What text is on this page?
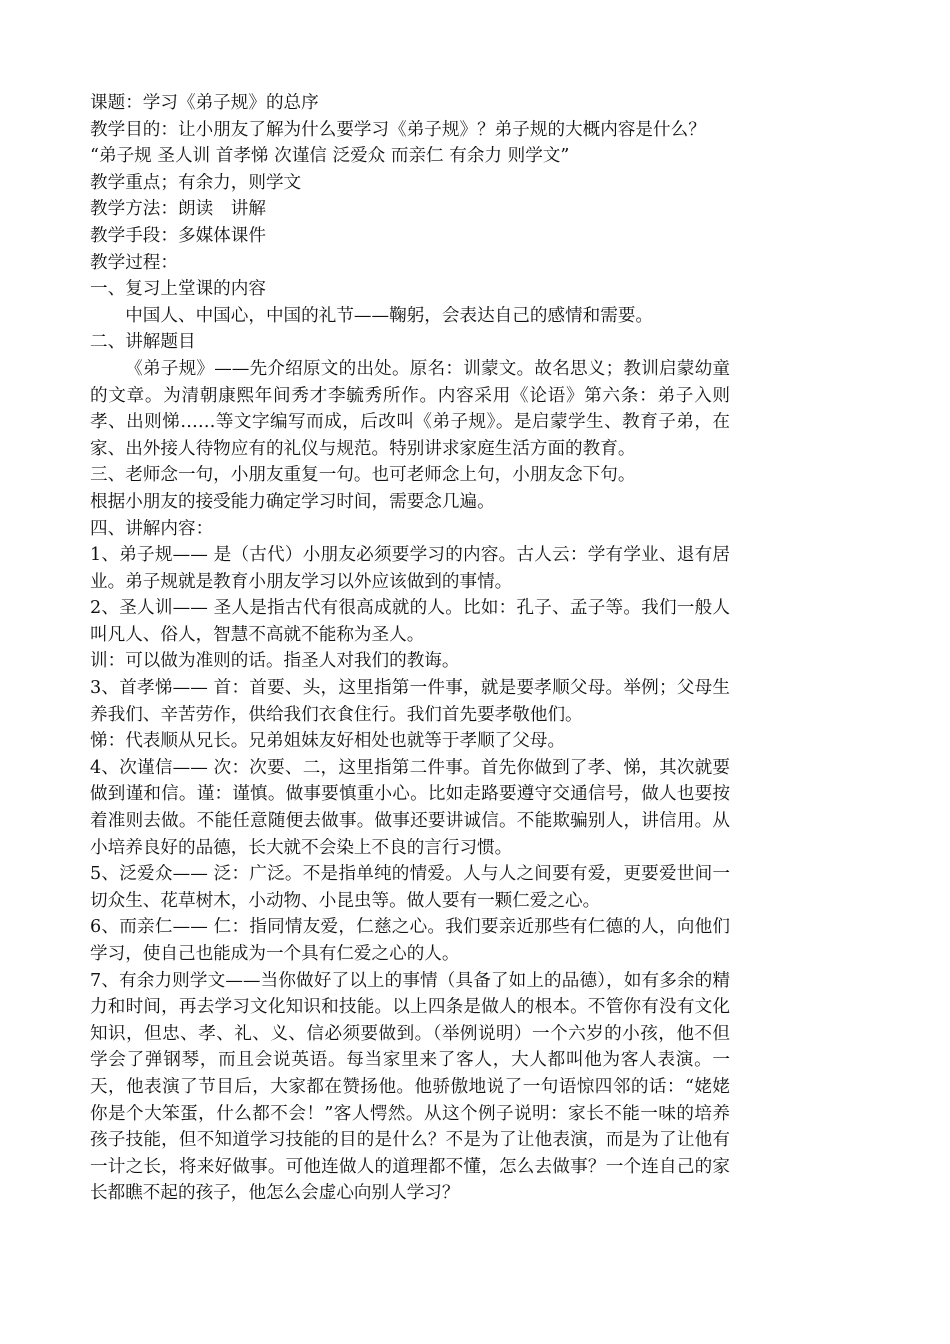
课题：学习《弟子规》的总序

教学目的：让小朋友了解为什么要学习《弟子规》？弟子规的大概内容是什么？

“弟子规 圣人训 首孝悌 次谨信 泛爱众 而亲仁 有余力 则学文”

教学重点；有余力，则学文

教学方法：朗读　讲解

教学手段：多媒体课件

教学过程：

一、复习上堂课的内容

中国人、中国心，中国的礼节——鞠躬，会表达自己的感情和需要。

二、讲解题目

《弟子规》——先介绍原文的出处。原名：训蒙文。故名思义；教训启蒙幼童的文章。为清朝康熙年间秀才李毓秀所作。内容采用《论语》第六条：弟子入则孝、出则悌……等文字编写而成，后改叫《弟子规》。是启蒙学生、教育子弟，在家、出外接人待物应有的礼仪与规范。特别讲求家庭生活方面的教育。

三、老师念一句，小朋友重复一句。也可老师念上句，小朋友念下句。

根据小朋友的接受能力确定学习时间，需要念几遍。

四、讲解内容：

1、弟子规—— 是（古代）小朋友必须要学习的内容。古人云：学有学业、退有居业。弟子规就是教育小朋友学习以外应该做到的事情。

2、圣人训—— 圣人是指古代有很高成就的人。比如：孔子、孟子等。我们一般人叫凡人、俗人，智慧不高就不能称为圣人。

训：可以做为准则的话。指圣人对我们的教诲。

3、首孝悌—— 首：首要、头，这里指第一件事，就是要孝顺父母。举例；父母生养我们、辛苦劳作，供给我们衣食住行。我们首先要孝敬他们。

悌：代表顺从兄长。兄弟姐妹友好相处也就等于孝顺了父母。

4、次谨信—— 次：次要、二，这里指第二件事。首先你做到了孝、悌，其次就要做到谨和信。谨：谨慎。做事要慎重小心。比如走路要遵守交通信号，做人也要按着准则去做。不能任意随便去做事。做事还要讲诚信。不能欺骗别人，讲信用。从小培养良好的品德，长大就不会染上不良的言行习惯。

5、泛爱众—— 泛：广泛。不是指单纯的情爱。人与人之间要有爱，更要爱世间一切众生、花草树木，小动物、小昆虫等。做人要有一颗仁爱之心。

6、而亲仁—— 仁：指同情友爱，仁慈之心。我们要亲近那些有仁德的人，向他们学习，使自己也能成为一个具有仁爱之心的人。

7、有余力则学文——当你做好了以上的事情（具备了如上的品德），如有多余的精力和时间，再去学习文化知识和技能。以上四条是做人的根本。不管你有没有文化知识，但忠、孝、礼、义、信必须要做到。（举例说明）一个六岁的小孩，他不但学会了弹钢琴，而且会说英语。每当家里来了客人，大人都叫他为客人表演。一天，他表演了节目后，大家都在赞扬他。他骄傲地说了一句语惊四邻的话：“姥姥你是个大笨蛋，什么都不会！”客人愕然。从这个例子说明：家长不能一味的培养孩子技能，但不知道学习技能的目的是什么？不是为了让他表演，而是为了让他有一计之长，将来好做事。可他连做人的道理都不懂，怎么去做事？一个连自己的家长都瞧不起的孩子，他怎么会虚心向别人学习？
